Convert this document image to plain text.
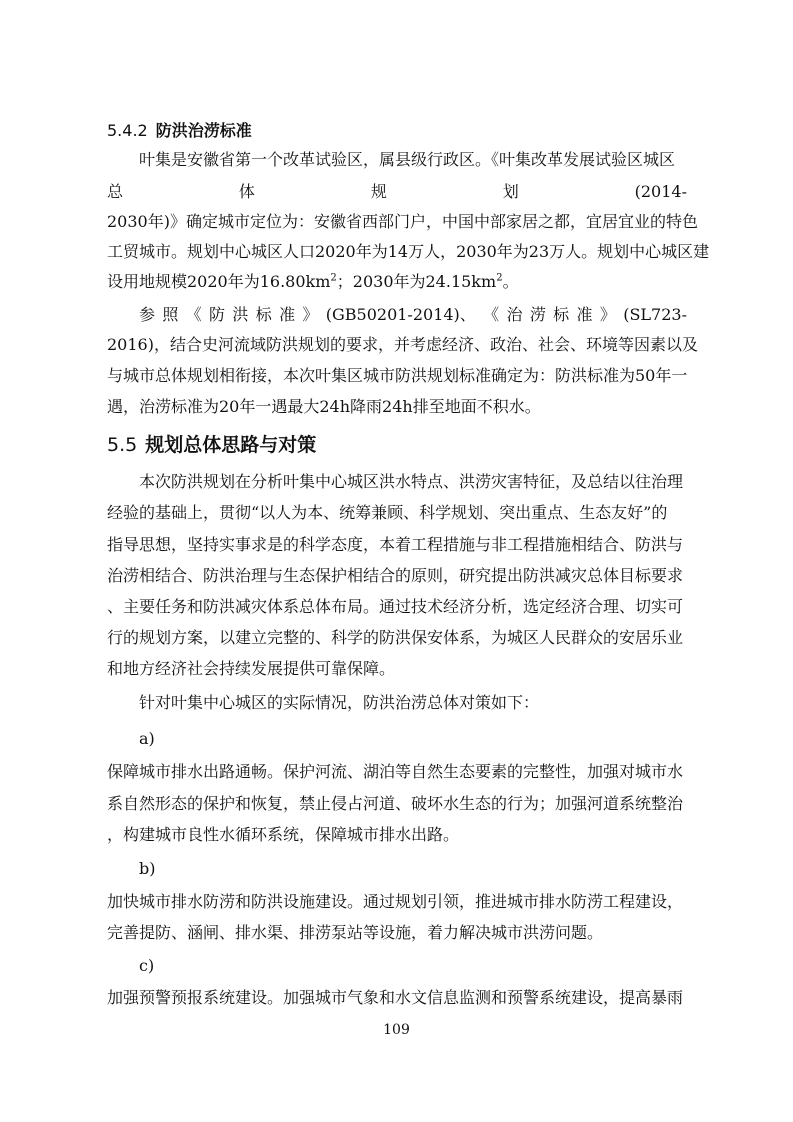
5.4.2 防洪治涝标准
叶集是安徽省第一个改革试验区，属县级行政区。《叶集改革发展试验区城区
总	体	规	划	(2014-
2030年)》确定城市定位为：安徽省西部门户，中国中部家居之都，宜居宜业的特色
工贸城市。规划中心城区人口2020年为14万人，2030年为23万人。规划中心城区建
设用地规模2020年为$16.80km^2$；2030年为$24.15km^2$。
参 照 《 防 洪 标 准 》 (GB50201-2014)、 《 治 涝 标 准 》 (SL723-
2016)，结合史河流域防洪规划的要求，并考虑经济、政治、社会、环境等因素以及
与城市总体规划相衔接，本次叶集区城市防洪规划标准确定为：防洪标准为50年一
遇，治涝标准为20年一遇最大24h降雨24h排至地面不积水。
5.5 规划总体思路与对策
本次防洪规划在分析叶集中心城区洪水特点、洪涝灾害特征，及总结以往治理
经验的基础上，贯彻“以人为本、统筹兼顾、科学规划、突出重点、生态友好”的
指导思想，坚持实事求是的科学态度，本着工程措施与非工程措施相结合、防洪与
治涝相结合、防洪治理与生态保护相结合的原则，研究提出防洪减灾总体目标要求
、主要任务和防洪减灾体系总体布局。通过技术经济分析，选定经济合理、切实可
行的规划方案，以建立完整的、科学的防洪保安体系，为城区人民群众的安居乐业
和地方经济社会持续发展提供可靠保障。
针对叶集中心城区的实际情况，防洪治涝总体对策如下：
a)
保障城市排水出路通畅。保护河流、湖泊等自然生态要素的完整性，加强对城市水
系自然形态的保护和恢复，禁止侵占河道、破坏水生态的行为；加强河道系统整治
，构建城市良性水循环系统，保障城市排水出路。
b)
加快城市排水防涝和防洪设施建设。通过规划引领，推进城市排水防涝工程建设，
完善提防、涵闸、排水渠、排涝泵站等设施，着力解决城市洪涝问题。
c)
加强预警预报系统建设。加强城市气象和水文信息监测和预警系统建设，提高暴雨
109
